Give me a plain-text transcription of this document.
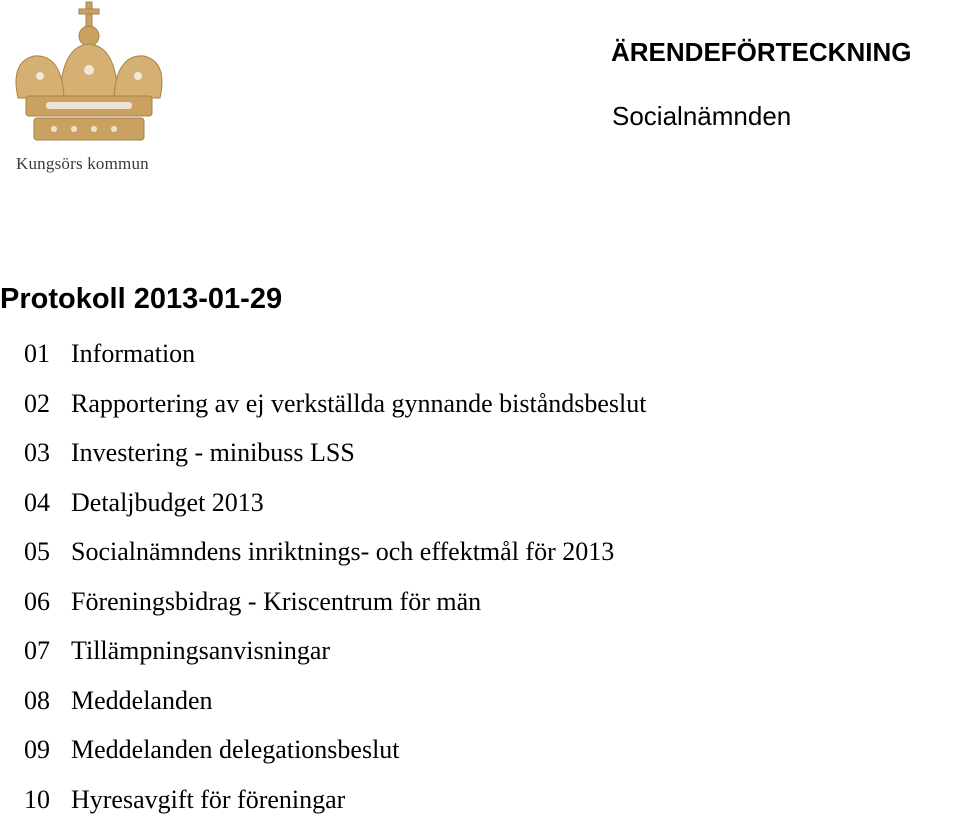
Kungsörs kommun
ÄRENDEFÖRTECKNING
Socialnämnden
Protokoll 2013-01-29
01 Information
02 Rapportering av ej verkställda gynnande biståndsbeslut
03 Investering - minibuss LSS
04 Detaljbudget 2013
05 Socialnämndens inriktnings- och effektmål för 2013
06 Föreningsbidrag - Kriscentrum för män
07 Tillämpningsanvisningar
08 Meddelanden
09 Meddelanden delegationsbeslut
10 Hyresavgift för föreningar
